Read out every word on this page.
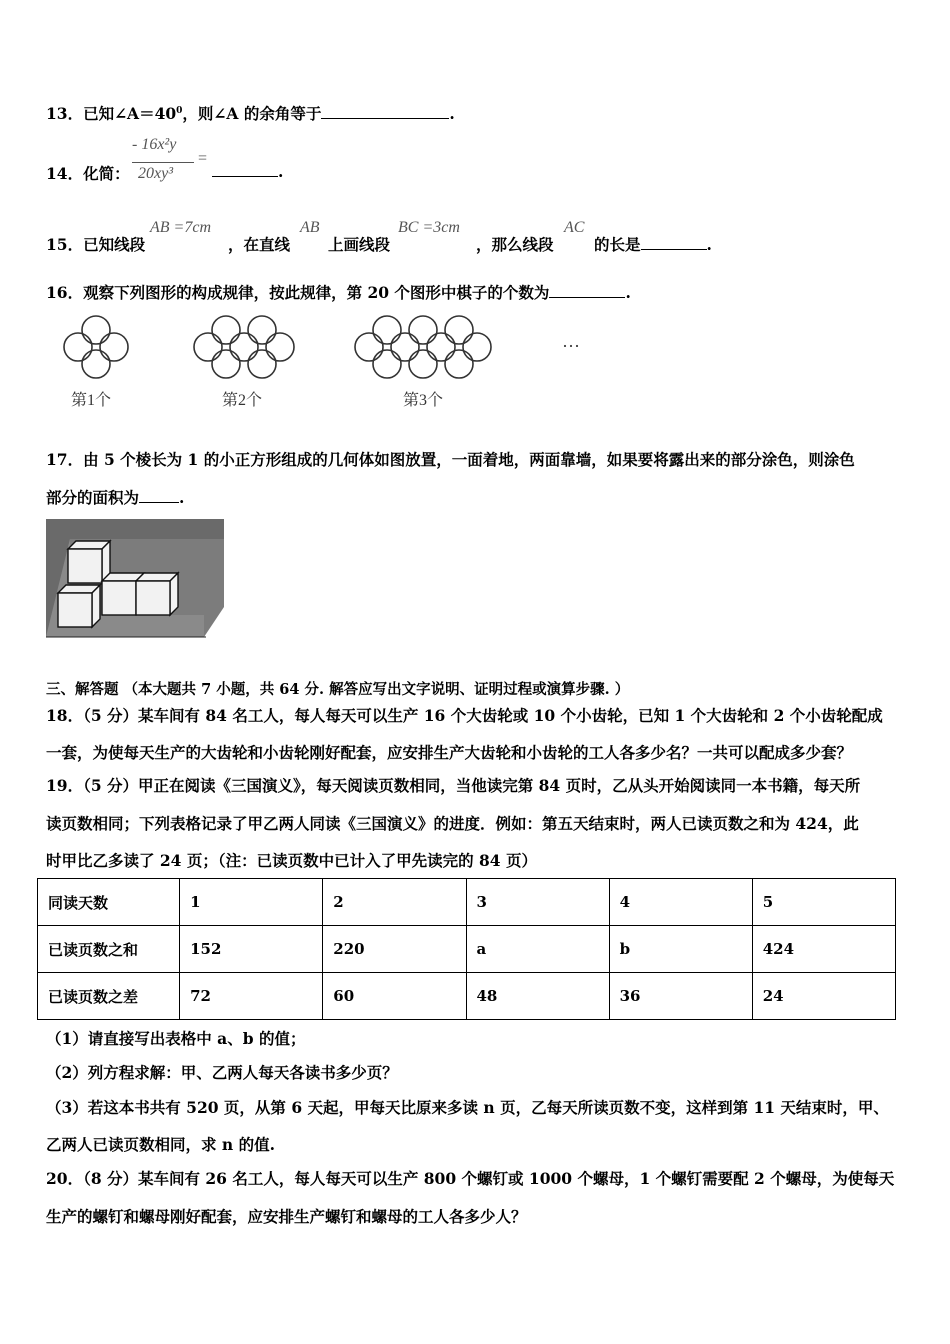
13．已知$\angle A=40^0$，则∠A 的余角等于	.
14．化简：
- 16x²y
20xy³
=
.
15．已知线段
AB =7cm
，在直线
AB
上画线段
BC =3cm
，那么线段
AC
的长是	.
16．观察下列图形的构成规律，按此规律，第 20 个图形中棋子的个数为	.
第1个	第2个	第3个
···
17．由 5 个棱长为 1 的小正方形组成的几何体如图放置，一面着地，两面靠墙，如果要将露出来的部分涂色，则涂色
部分的面积为	.
三、解答题 （本大题共 7 小题，共 64 分. 解答应写出文字说明、证明过程或演算步骤. ）
18．（5 分）某车间有 84 名工人，每人每天可以生产 16 个大齿轮或 10 个小齿轮，已知 1 个大齿轮和 2 个小齿轮配成
一套，为使每天生产的大齿轮和小齿轮刚好配套，应安排生产大齿轮和小齿轮的工人各多少名？一共可以配成多少套？
19．（5 分）甲正在阅读《三国演义》，每天阅读页数相同，当他读完第 84 页时，乙从头开始阅读同一本书籍，每天所
读页数相同；下列表格记录了甲乙两人同读《三国演义》的进度．例如：第五天结束时，两人已读页数之和为 424，此
时甲比乙多读了 24 页；（注：已读页数中已计入了甲先读完的 84 页）
同读天数	1	2	3	4	5
已读页数之和	152	220	a	b	424
已读页数之差	72	60	48	36	24
（1）请直接写出表格中 a、b 的值；
（2）列方程求解：甲、乙两人每天各读书多少页？
（3）若这本书共有 520 页，从第 6 天起，甲每天比原来多读 n 页，乙每天所读页数不变，这样到第 11 天结束时，甲、
乙两人已读页数相同，求 n 的值.
20．（8 分）某车间有 26 名工人，每人每天可以生产 800 个螺钉或 1000 个螺母，1 个螺钉需要配 2 个螺母，为使每天
生产的螺钉和螺母刚好配套，应安排生产螺钉和螺母的工人各多少人？
